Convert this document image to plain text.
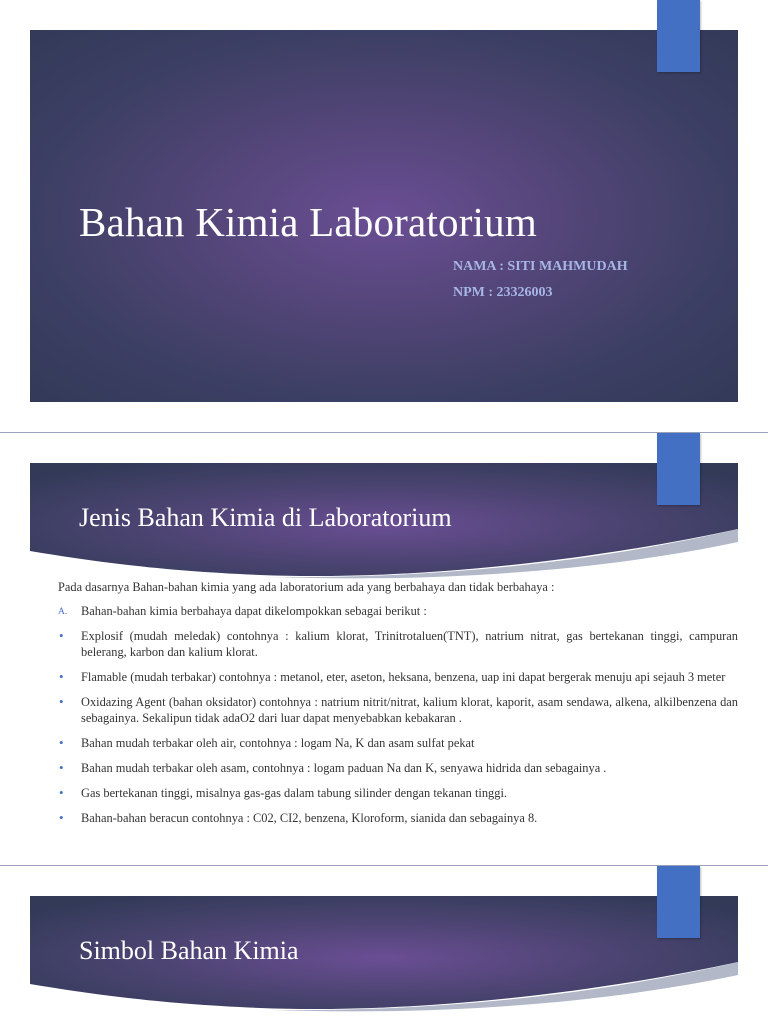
Bahan Kimia Laboratorium
NAMA : SITI MAHMUDAH
NPM : 23326003
Jenis Bahan Kimia di Laboratorium
Pada dasarnya Bahan-bahan kimia yang ada laboratorium ada yang berbahaya dan tidak berbahaya :
A. Bahan-bahan kimia berbahaya dapat dikelompokkan sebagai berikut :
• Explosif (mudah meledak) contohnya : kalium klorat, Trinitrotaluen(TNT), natrium nitrat, gas bertekanan tinggi, campuran belerang, karbon dan kalium klorat.
• Flamable (mudah terbakar) contohnya : metanol, eter, aseton, heksana, benzena, uap ini dapat bergerak menuju api sejauh 3 meter
• Oxidazing Agent (bahan oksidator) contohnya : natrium nitrit/nitrat, kalium klorat, kaporit, asam sendawa, alkena, alkilbenzena dan sebagainya. Sekalipun tidak adaO2 dari luar dapat menyebabkan kebakaran .
• Bahan mudah terbakar oleh air, contohnya : logam Na, K dan asam sulfat pekat
• Bahan mudah terbakar oleh asam, contohnya : logam paduan Na dan K, senyawa hidrida dan sebagainya .
• Gas bertekanan tinggi, misalnya gas-gas dalam tabung silinder dengan tekanan tinggi.
• Bahan-bahan beracun contohnya : C02, CI2, benzena, Kloroform, sianida dan sebagainya 8.
Simbol Bahan Kimia
